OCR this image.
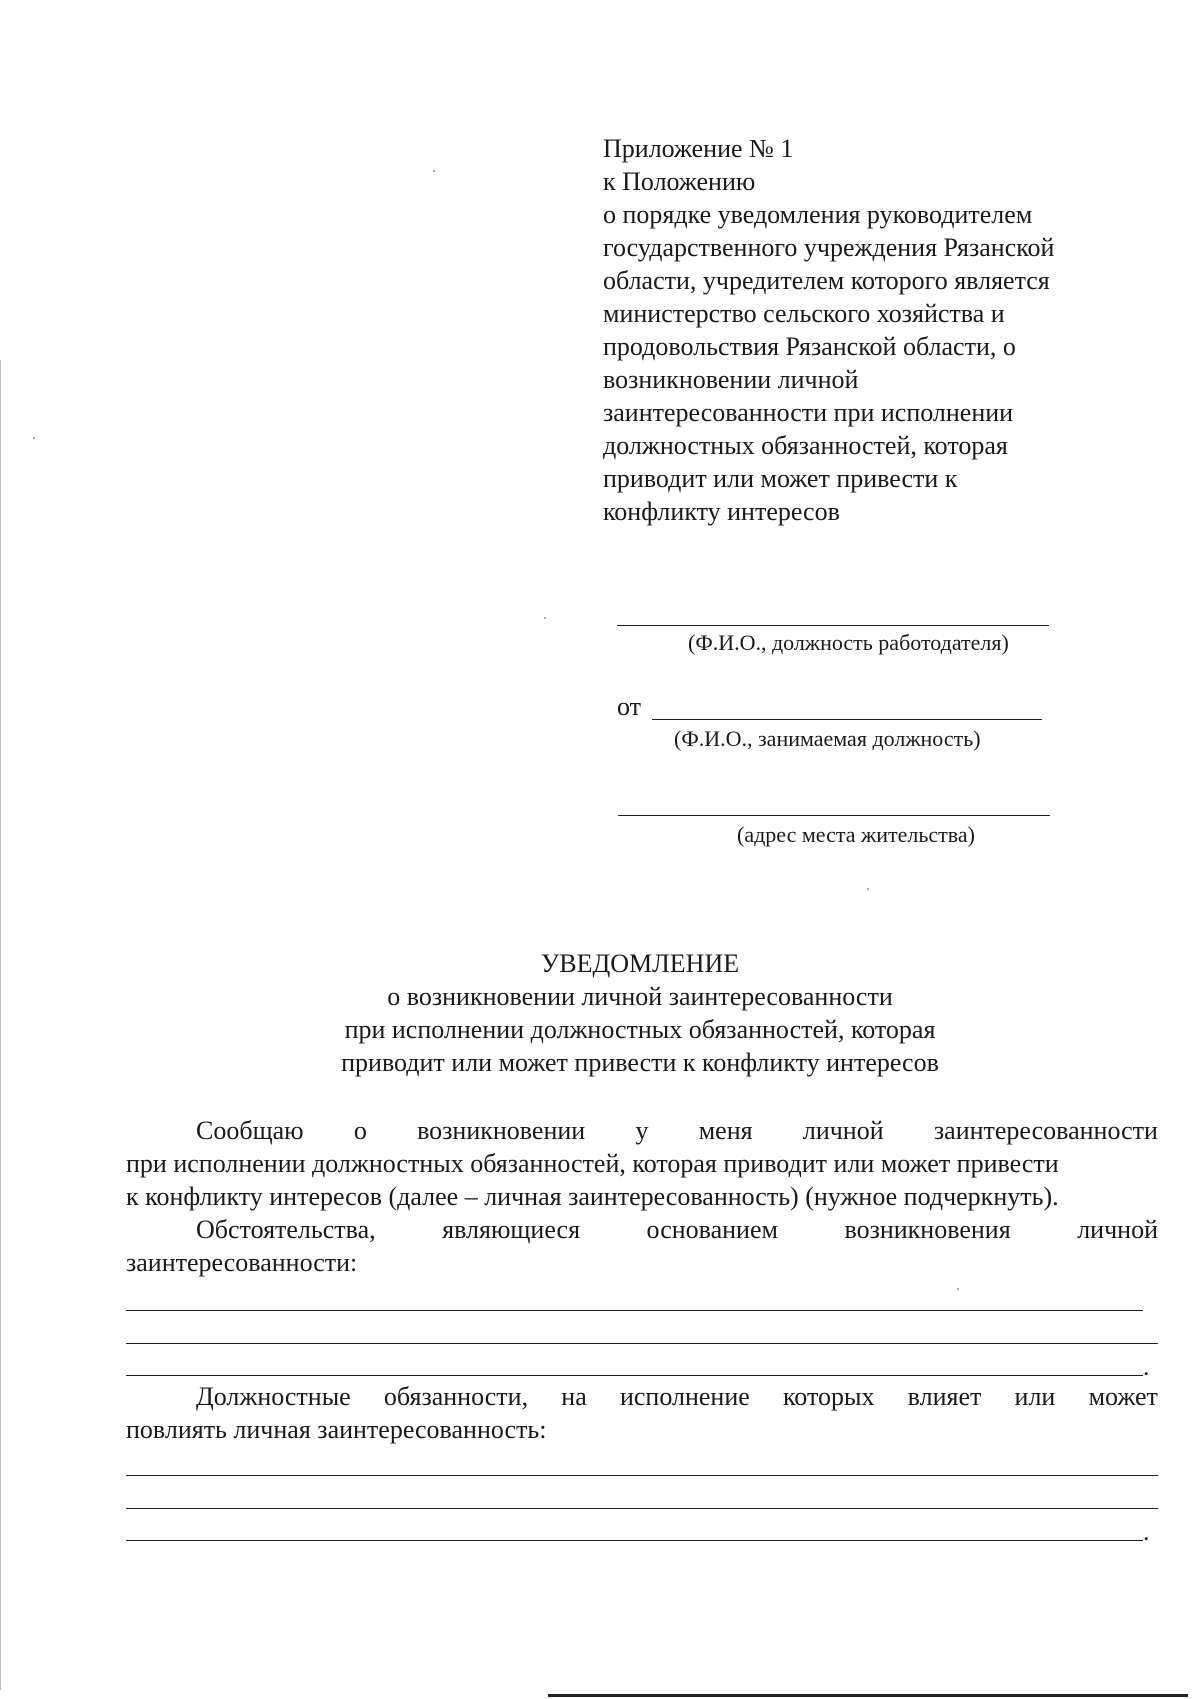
Приложение № 1
к Положению
о порядке уведомления руководителем
государственного учреждения Рязанской
области, учредителем которого является
министерство сельского хозяйства и
продовольствия Рязанской области, о
возникновении личной
заинтересованности при исполнении
должностных обязанностей, которая
приводит или может привести к
конфликту интересов
(Ф.И.О., должность работодателя)
от
(Ф.И.О., занимаемая должность)
(адрес места жительства)
УВЕДОМЛЕНИЕ
о возникновении личной заинтересованности
при исполнении должностных обязанностей, которая
приводит или может привести к конфликту интересов
Сообщаю о возникновении у меня личной заинтересованности
при исполнении должностных обязанностей, которая приводит или может привести
к конфликту интересов (далее – личная заинтересованность) (нужное подчеркнуть).
Обстоятельства,	являющиеся	основанием	возникновения	личной
заинтересованности:
.
Должностные обязанности, на исполнение которых влияет или может
повлиять личная заинтересованность:
.
